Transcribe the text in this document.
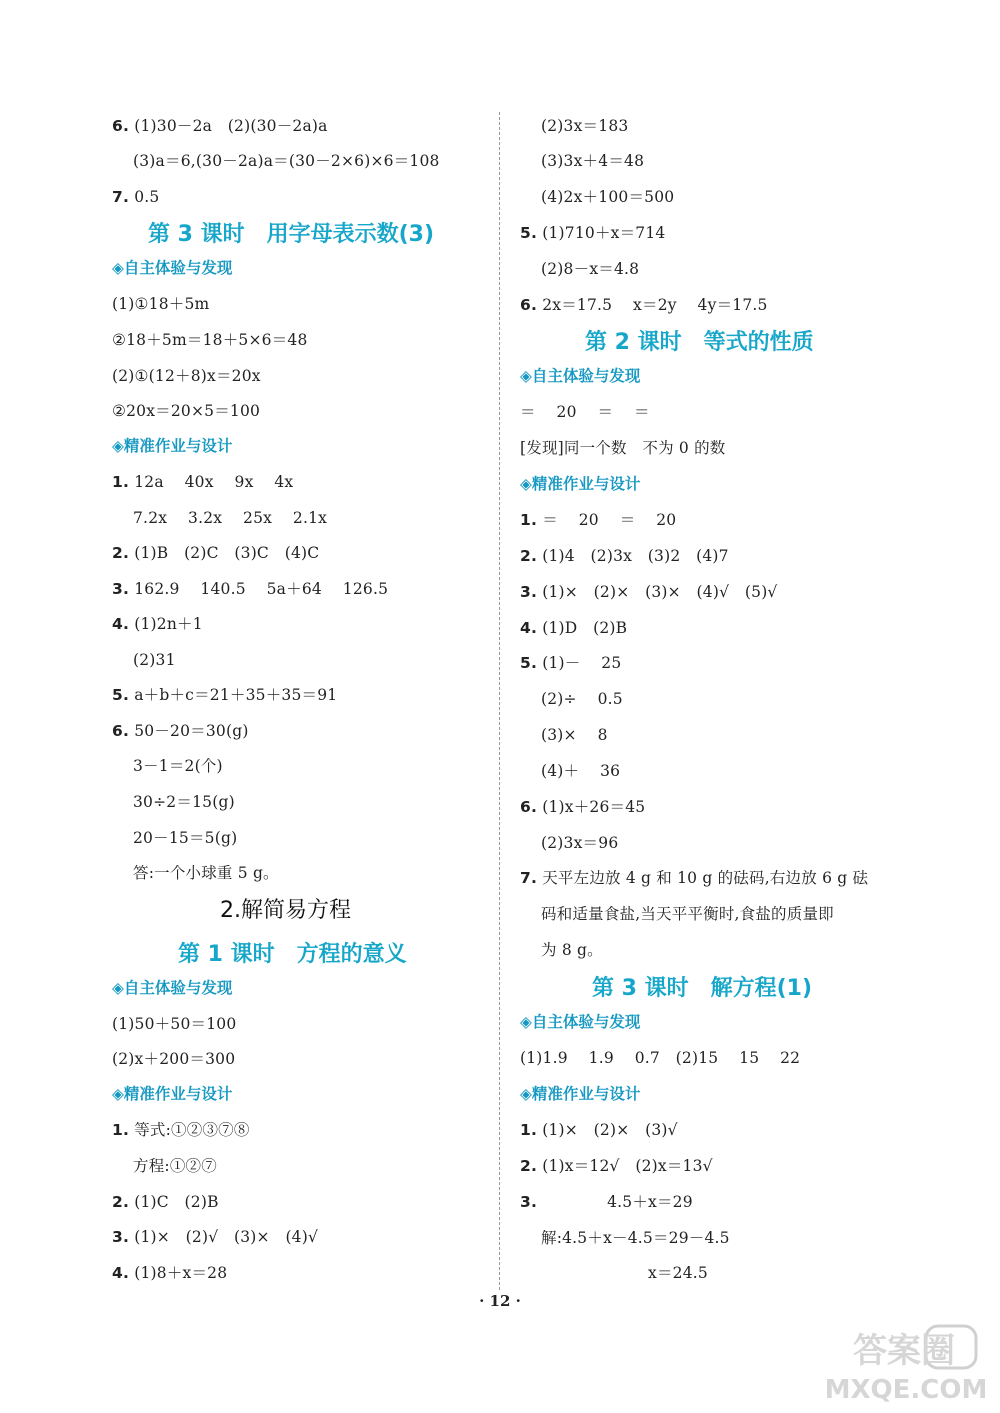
6. (1)30－2a　(2)(30－2a)a
(3)a＝6,(30－2a)a＝(30－2×6)×6＝108
7. 0.5
第 3 课时　用字母表示数(3)
◈自主体验与发现
(1)①18＋5m
②18＋5m＝18＋5×6＝48
(2)①(12＋8)x＝20x
②20x＝20×5＝100
◈精准作业与设计
1. 12a　 40x　 9x　 4x
7.2x　 3.2x　 25x　 2.1x
2. (1)B　(2)C　(3)C　(4)C
3. 162.9　 140.5　 5a＋64　 126.5
4. (1)2n＋1
(2)31
5. a＋b＋c＝21＋35＋35＝91
6. 50－20＝30(g)
3－1＝2(个)
30÷2＝15(g)
20－15＝5(g)
答:一个小球重 5 g。
2.解简易方程
第 1 课时　方程的意义
◈自主体验与发现
(1)50＋50＝100
(2)x＋200＝300
◈精准作业与设计
1. 等式:①②③⑦⑧
方程:①②⑦
2. (1)C　(2)B
3. (1)×　(2)√　(3)×　(4)√
4. (1)8＋x＝28
(2)3x＝183
(3)3x＋4＝48
(4)2x＋100＝500
5. (1)710＋x＝714
(2)8－x＝4.8
6. 2x＝17.5　 x＝2y　 4y＝17.5
第 2 课时　等式的性质
◈自主体验与发现
＝　 20　 ＝　 ＝
[发现]同一个数　不为 0 的数
◈精准作业与设计
1. ＝　 20　 ＝　 20
2. (1)4　(2)3x　(3)2　(4)7
3. (1)×　(2)×　(3)×　(4)√　(5)√
4. (1)D　(2)B
5. (1)－　 25
(2)÷　 0.5
(3)×　 8
(4)＋　 36
6. (1)x＋26＝45
(2)3x＝96
7. 天平左边放 4 g 和 10 g 的砝码,右边放 6 g 砝
码和适量食盐,当天平平衡时,食盐的质量即
为 8 g。
第 3 课时　解方程(1)
◈自主体验与发现
(1)1.9　 1.9　 0.7　(2)15　 15　 22
◈精准作业与设计
1. (1)×　(2)×　(3)√
2. (1)x＝12√　(2)x＝13√
3.	4.5＋x＝29
解:4.5＋x－4.5＝29－4.5
x＝24.5
· 12 ·
答案圈
MXQE.COM
